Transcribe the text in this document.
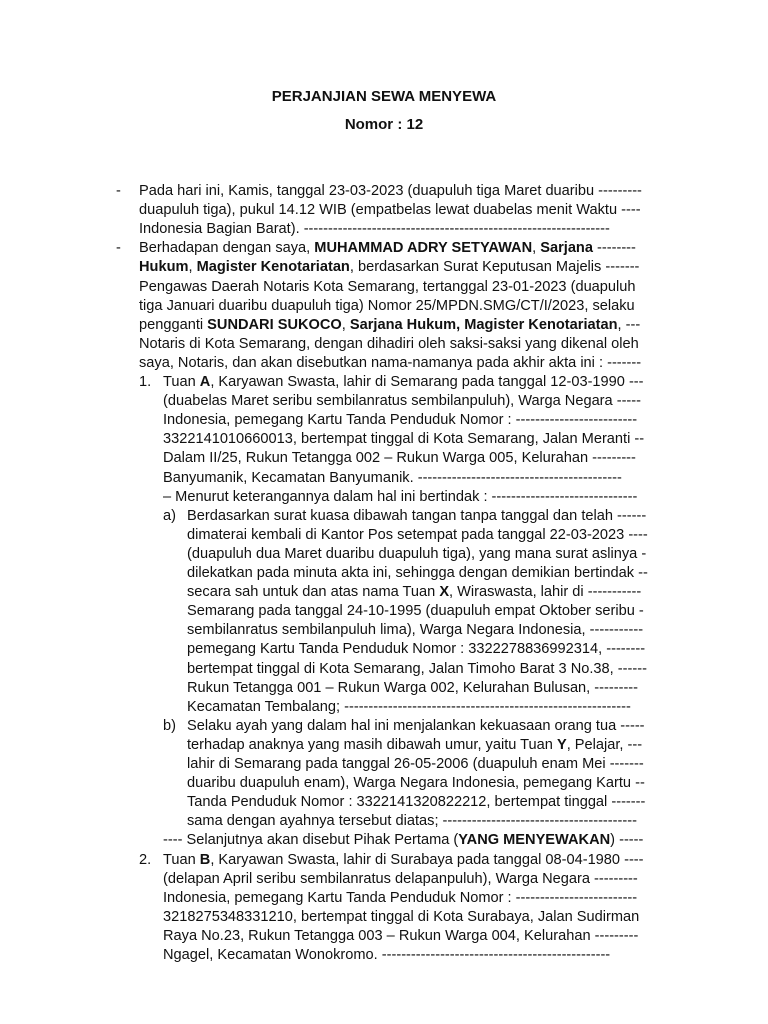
PERJANJIAN SEWA MENYEWA
Nomor : 12
Pada hari ini, Kamis, tanggal 23-03-2023 (duapuluh tiga Maret duaribu ---------
duapuluh tiga), pukul 14.12 WIB (empatbelas lewat duabelas menit Waktu ----
Indonesia Bagian Barat). ---------------------------------------------------------------
Berhadapan dengan saya, MUHAMMAD ADRY SETYAWAN, Sarjana --------
Hukum, Magister Kenotariatan, berdasarkan Surat Keputusan Majelis -------
Pengawas Daerah Notaris Kota Semarang, tertanggal 23-01-2023 (duapuluh
tiga Januari duaribu duapuluh tiga) Nomor 25/MPDN.SMG/CT/I/2023, selaku
pengganti SUNDARI SUKOCO, Sarjana Hukum, Magister Kenotariatan, ---
Notaris di Kota Semarang, dengan dihadiri oleh saksi-saksi yang dikenal oleh
saya, Notaris, dan akan disebutkan nama-namanya pada akhir akta ini : -------
Tuan A, Karyawan Swasta, lahir di Semarang pada tanggal 12-03-1990 ---
(duabelas Maret seribu sembilanratus sembilanpuluh), Warga Negara -----
Indonesia, pemegang Kartu Tanda Penduduk Nomor : -------------------------
3322141010660013, bertempat tinggal di Kota Semarang, Jalan Meranti --
Dalam II/25, Rukun Tetangga 002 – Rukun Warga 005, Kelurahan ---------
Banyumanik, Kecamatan Banyumanik. ------------------------------------------
– Menurut keterangannya dalam hal ini bertindak : ------------------------------
Berdasarkan surat kuasa dibawah tangan tanpa tanggal dan telah ------
dimaterai kembali di Kantor Pos setempat pada tanggal 22-03-2023 ----
(duapuluh dua Maret duaribu duapuluh tiga), yang mana surat aslinya -
dilekatkan pada minuta akta ini, sehingga dengan demikian bertindak --
secara sah untuk dan atas nama Tuan X, Wiraswasta, lahir di -----------
Semarang pada tanggal 24-10-1995 (duapuluh empat Oktober seribu -
sembilanratus sembilanpuluh lima), Warga Negara Indonesia, -----------
pemegang Kartu Tanda Penduduk Nomor : 3322278836992314, --------
bertempat tinggal di Kota Semarang, Jalan Timoho Barat 3 No.38, ------
Rukun Tetangga 001 – Rukun Warga 002, Kelurahan Bulusan, ---------
Kecamatan Tembalang; -----------------------------------------------------------
Selaku ayah yang dalam hal ini menjalankan kekuasaan orang tua -----
terhadap anaknya yang masih dibawah umur, yaitu Tuan Y, Pelajar, ---
lahir di Semarang pada tanggal 26-05-2006 (duapuluh enam Mei -------
duaribu duapuluh enam), Warga Negara Indonesia, pemegang Kartu --
Tanda Penduduk Nomor : 3322141320822212, bertempat tinggal -------
sama dengan ayahnya tersebut diatas; ----------------------------------------
---- Selanjutnya akan disebut Pihak Pertama (YANG MENYEWAKAN) -----
Tuan B, Karyawan Swasta, lahir di Surabaya pada tanggal 08-04-1980 ----
(delapan April seribu sembilanratus delapanpuluh), Warga Negara ---------
Indonesia, pemegang Kartu Tanda Penduduk Nomor : -------------------------
3218275348331210, bertempat tinggal di Kota Surabaya, Jalan Sudirman
Raya No.23, Rukun Tetangga 003 – Rukun Warga 004, Kelurahan ---------
Ngagel, Kecamatan Wonokromo. -----------------------------------------------
-
-
1.
a)
b)
2.
